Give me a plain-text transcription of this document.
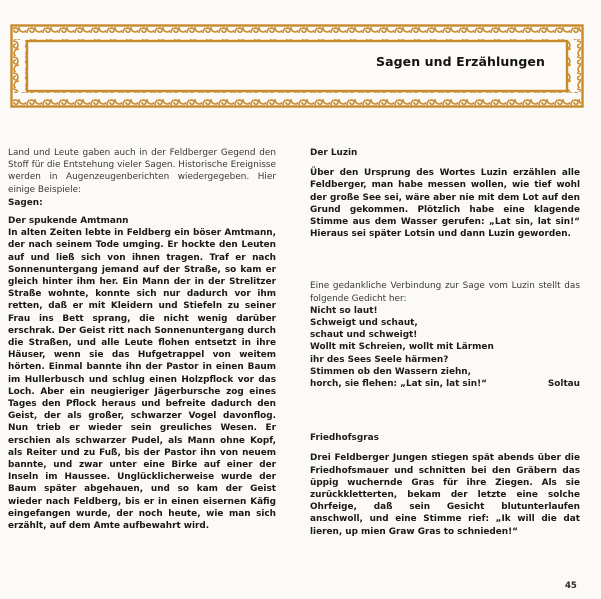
Sagen und Erzählungen

Land und Leute gaben auch in der Feldberger Gegend den Stoff für die Entstehung vieler Sagen. Historische Ereignisse werden in Augenzeugenberichten wiedergegeben. Hier einige Beispiele:

Sagen:

Der spukende Amtmann

In alten Zeiten lebte in Feldberg ein böser Amtmann, der nach seinem Tode umging. Er hockte den Leuten auf und ließ sich von ihnen tragen. Traf er nach Sonnenuntergang jemand auf der Straße, so kam er gleich hinter ihm her. Ein Mann der in der Strelitzer Straße wohnte, konnte sich nur dadurch vor ihm retten, daß er mit Kleidern und Stiefeln zu seiner Frau ins Bett sprang, die nicht wenig darüber erschrak. Der Geist ritt nach Sonnenuntergang durch die Straßen, und alle Leute flohen entsetzt in ihre Häuser, wenn sie das Hufgetrappel von weitem hörten. Einmal bannte ihn der Pastor in einen Baum im Hullerbusch und schlug einen Holzpflock vor das Loch. Aber ein neugieriger Jägerbursche zog eines Tages den Pflock heraus und befreite dadurch den Geist, der als großer, schwarzer Vogel davonflog. Nun trieb er wieder sein greuliches Wesen. Er erschien als schwarzer Pudel, als Mann ohne Kopf, als Reiter und zu Fuß, bis der Pastor ihn von neuem bannte, und zwar unter eine Birke auf einer der Inseln im Haussee. Unglücklicherweise wurde der Baum später abgehauen, und so kam der Geist wieder nach Feldberg, bis er in einen eisernen Käfig eingefangen wurde, der noch heute, wie man sich erzählt, auf dem Amte aufbewahrt wird.

Der Luzin

Über den Ursprung des Wortes Luzin erzählen alle Feldberger, man habe messen wollen, wie tief wohl der große See sei, wäre aber nie mit dem Lot auf den Grund gekommen. Plötzlich habe eine klagende Stimme aus dem Wasser gerufen: „Lat sin, lat sin!“ Hieraus sei später Lotsin und dann Luzin geworden.

Eine gedankliche Verbindung zur Sage vom Luzin stellt das folgende Gedicht her:

Nicht so laut!
Schweigt und schaut,
schaut und schweigt!
Wollt mit Schreien, wollt mit Lärmen
ihr des Sees Seele härmen?
Stimmen ob den Wassern ziehn,
horch, sie flehen: „Lat sin, lat sin!“	Soltau

Friedhofsgras

Drei Feldberger Jungen stiegen spät abends über die Friedhofsmauer und schnitten bei den Gräbern das üppig wuchernde Gras für ihre Ziegen. Als sie zurückkletterten, bekam der letzte eine solche Ohrfeige, daß sein Gesicht blutunterlaufen anschwoll, und eine Stimme rief: „Ik will die dat lieren, up mien Graw Gras to schnieden!“

45
